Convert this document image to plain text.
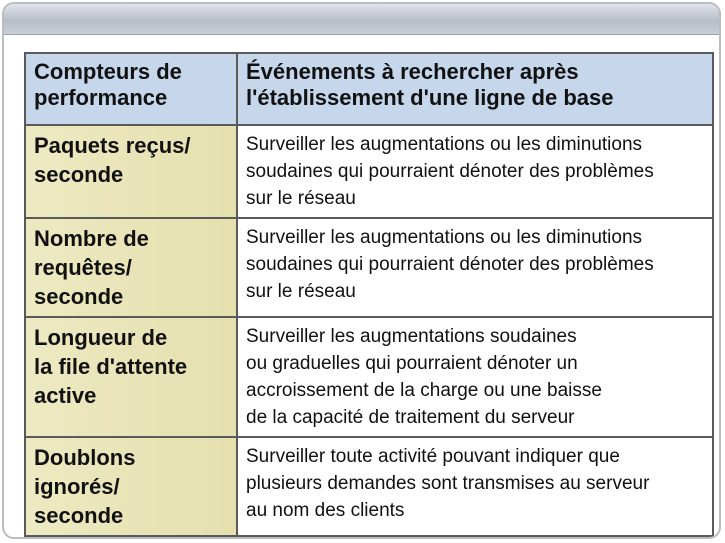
Compteurs de
performance	Événements à rechercher après
l'établissement d'une ligne de base

Paquets reçus/
seconde	Surveiller les augmentations ou les diminutions
soudaines qui pourraient dénoter des problèmes
sur le réseau

Nombre de
requêtes/
seconde	Surveiller les augmentations ou les diminutions
soudaines qui pourraient dénoter des problèmes
sur le réseau

Longueur de
la file d'attente
active	Surveiller les augmentations soudaines
ou graduelles qui pourraient dénoter un
accroissement de la charge ou une baisse
de la capacité de traitement du serveur

Doublons
ignorés/
seconde	Surveiller toute activité pouvant indiquer que
plusieurs demandes sont transmises au serveur
au nom des clients
